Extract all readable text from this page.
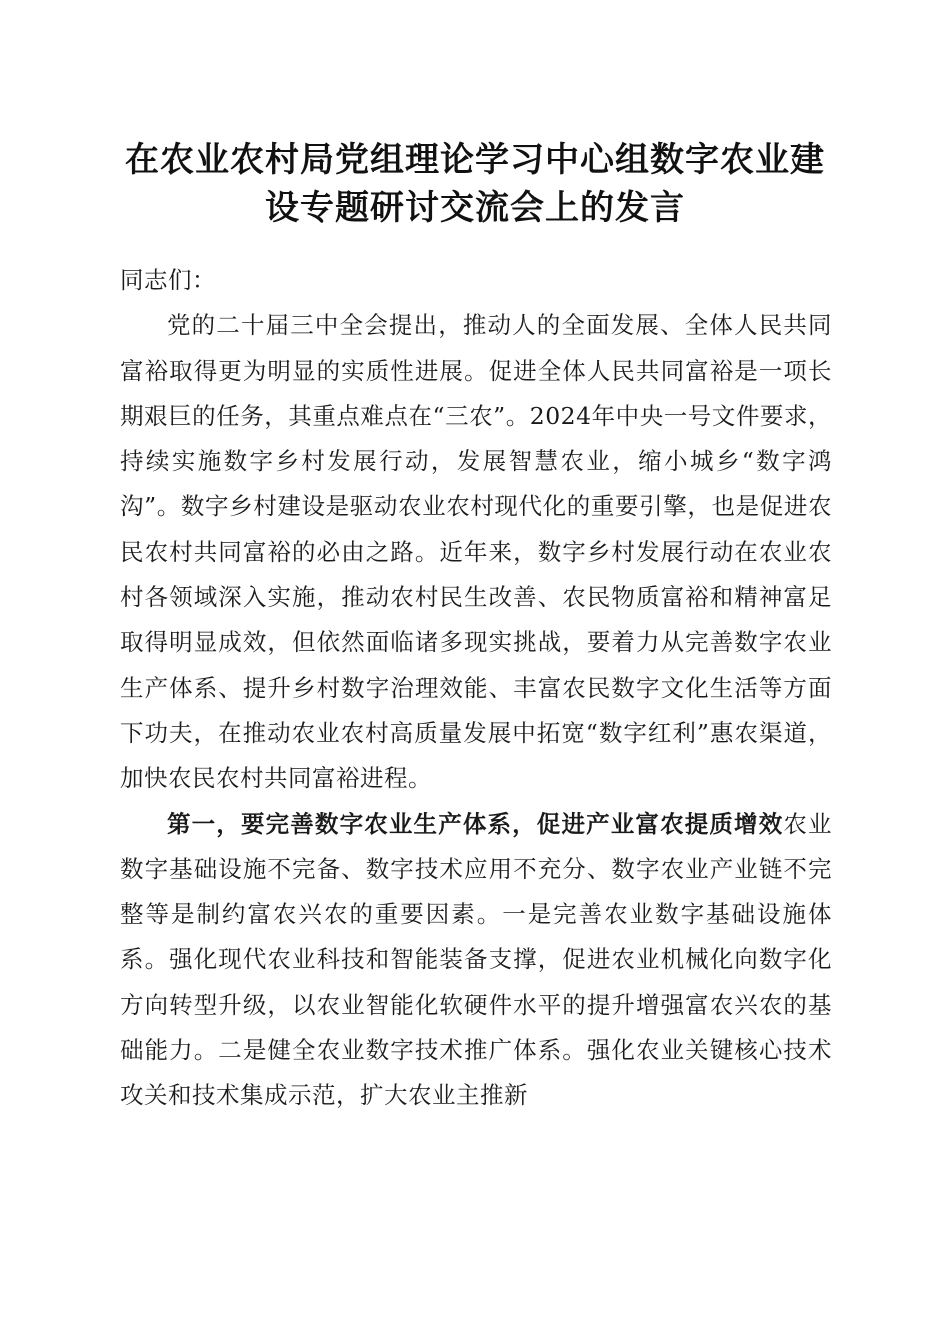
在农业农村局党组理论学习中心组数字农业建设专题研讨交流会上的发言

同志们：

党的二十届三中全会提出，推动人的全面发展、全体人民共同富裕取得更为明显的实质性进展。促进全体人民共同富裕是一项长期艰巨的任务，其重点难点在“三农”。2024年中央一号文件要求，持续实施数字乡村发展行动，发展智慧农业，缩小城乡“数字鸿沟”。数字乡村建设是驱动农业农村现代化的重要引擎，也是促进农民农村共同富裕的必由之路。近年来，数字乡村发展行动在农业农村各领域深入实施，推动农村民生改善、农民物质富裕和精神富足取得明显成效，但依然面临诸多现实挑战，要着力从完善数字农业生产体系、提升乡村数字治理效能、丰富农民数字文化生活等方面下功夫，在推动农业农村高质量发展中拓宽“数字红利”惠农渠道，加快农民农村共同富裕进程。

第一，要完善数字农业生产体系，促进产业富农提质增效农业数字基础设施不完备、数字技术应用不充分、数字农业产业链不完整等是制约富农兴农的重要因素。一是完善农业数字基础设施体系。强化现代农业科技和智能装备支撑，促进农业机械化向数字化方向转型升级，以农业智能化软硬件水平的提升增强富农兴农的基础能力。二是健全农业数字技术推广体系。强化农业关键核心技术攻关和技术集成示范，扩大农业主推新
